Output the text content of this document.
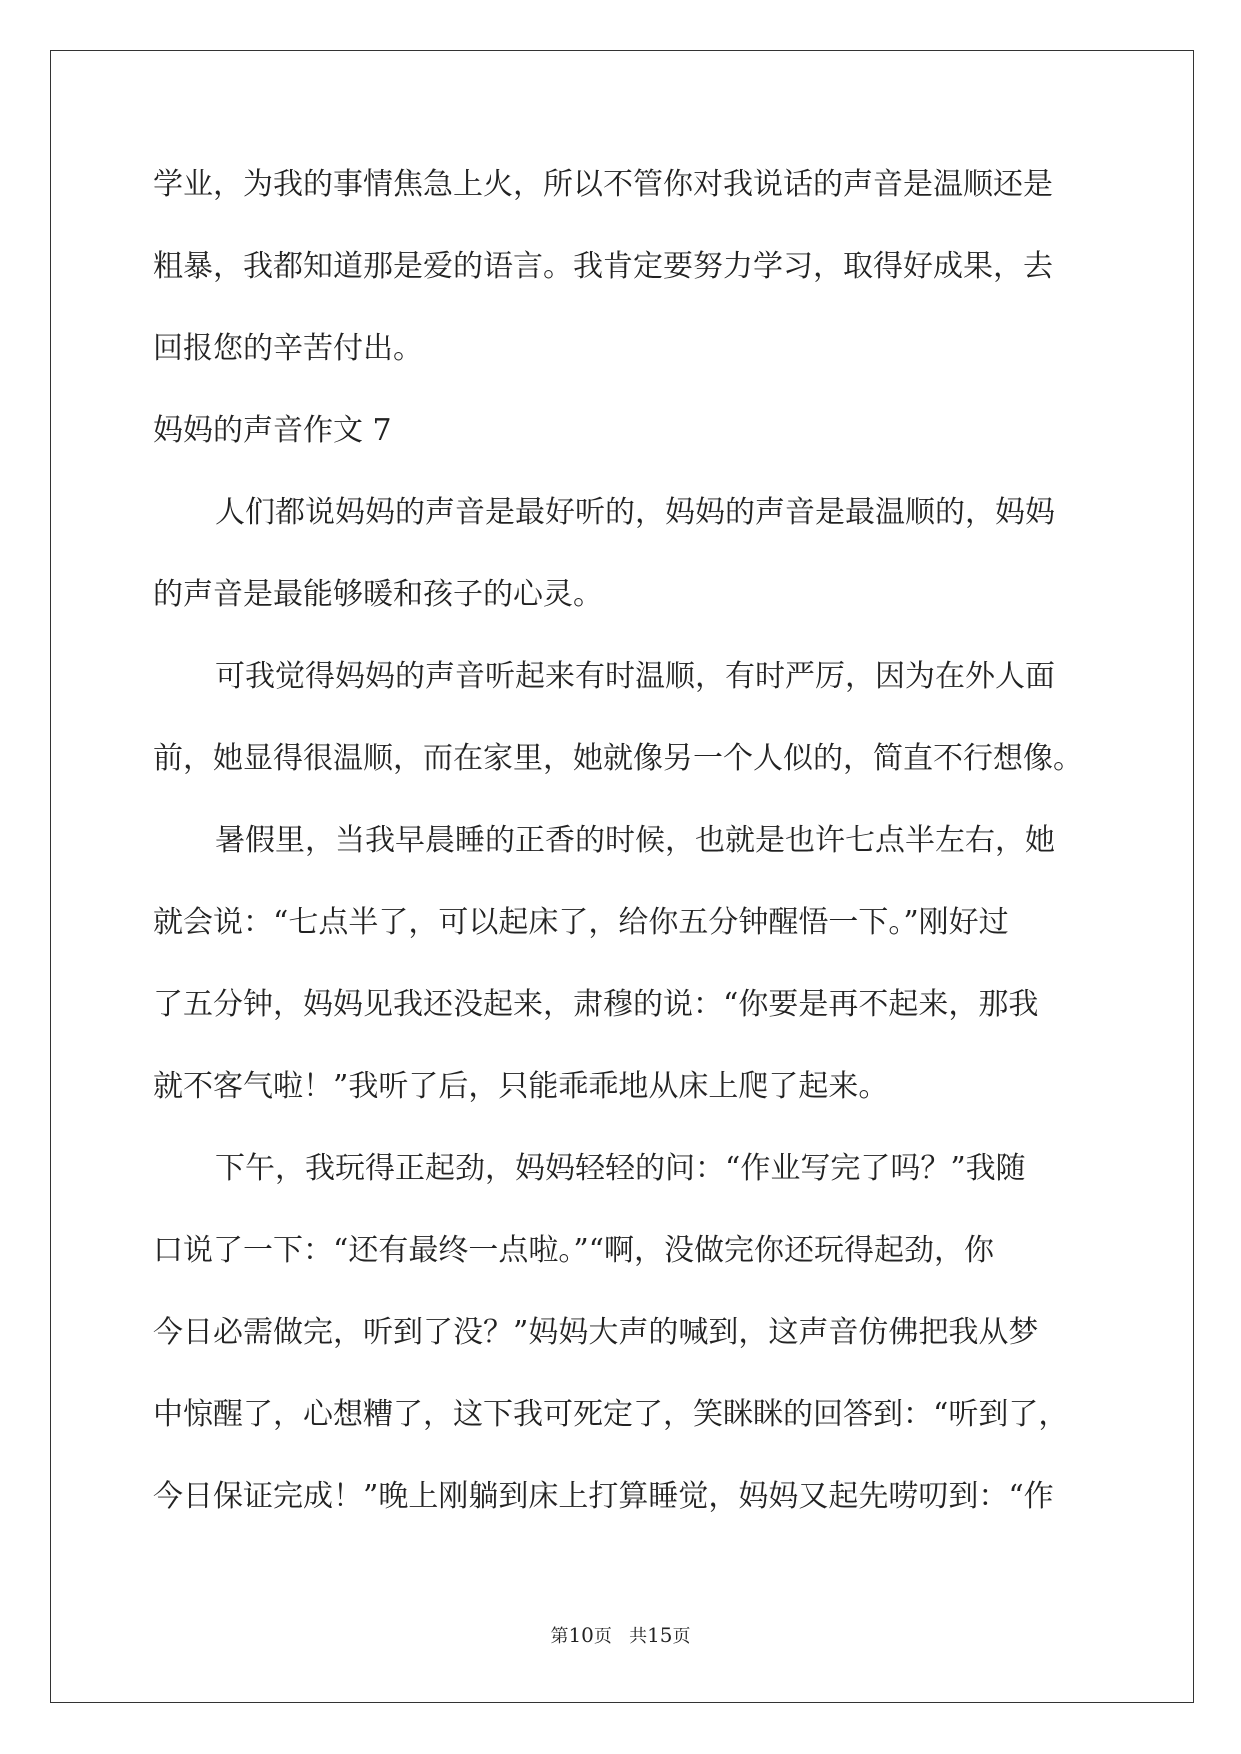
学业，为我的事情焦急上火，所以不管你对我说话的声音是温顺还是
粗暴，我都知道那是爱的语言。我肯定要努力学习，取得好成果，去
回报您的辛苦付出。
妈妈的声音作文 7
人们都说妈妈的声音是最好听的，妈妈的声音是最温顺的，妈妈
的声音是最能够暖和孩子的心灵。
可我觉得妈妈的声音听起来有时温顺，有时严厉，因为在外人面
前，她显得很温顺，而在家里，她就像另一个人似的，简直不行想像。
暑假里，当我早晨睡的正香的时候，也就是也许七点半左右，她
就会说：“七点半了，可以起床了，给你五分钟醒悟一下。”刚好过
了五分钟，妈妈见我还没起来，肃穆的说：“你要是再不起来，那我
就不客气啦！”我听了后，只能乖乖地从床上爬了起来。
下午，我玩得正起劲，妈妈轻轻的问：“作业写完了吗？”我随
口说了一下：“还有最终一点啦。”“啊，没做完你还玩得起劲，你
今日必需做完，听到了没？”妈妈大声的喊到，这声音仿佛把我从梦
中惊醒了，心想糟了，这下我可死定了，笑眯眯的回答到：“听到了，
今日保证完成！”晚上刚躺到床上打算睡觉，妈妈又起先唠叨到：“作
第10页   共15页
